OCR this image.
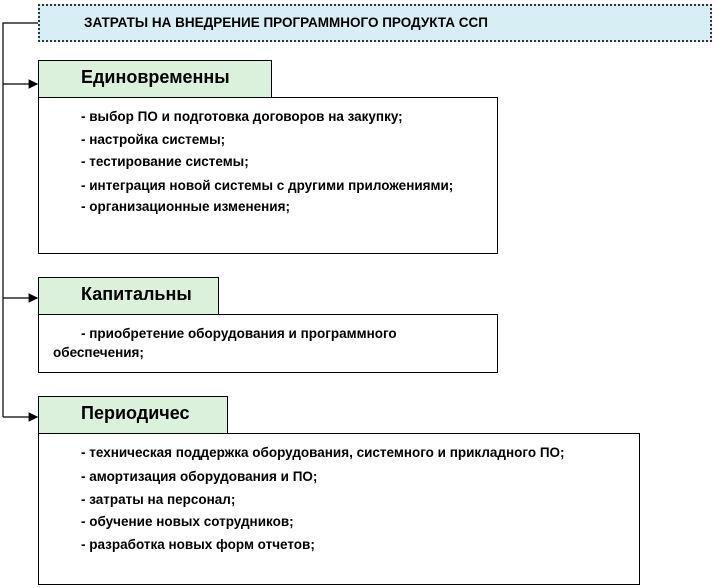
ЗАТРАТЫ НА ВНЕДРЕНИЕ ПРОГРАММНОГО ПРОДУКТА ССП

- выбор ПО и подготовка договоров на закупку;

- настройка системы;

- тестирование системы;

- интеграция новой системы с другими приложениями;

- организационные изменения;

Единовременны

- приобретение оборудования и программного обеспечения;

Капитальны

- техническая поддержка оборудования, системного и прикладного ПО;

- амортизация оборудования и ПО;

- затраты на персонал;

- обучение новых сотрудников;

- разработка новых форм отчетов;

Периодичес
